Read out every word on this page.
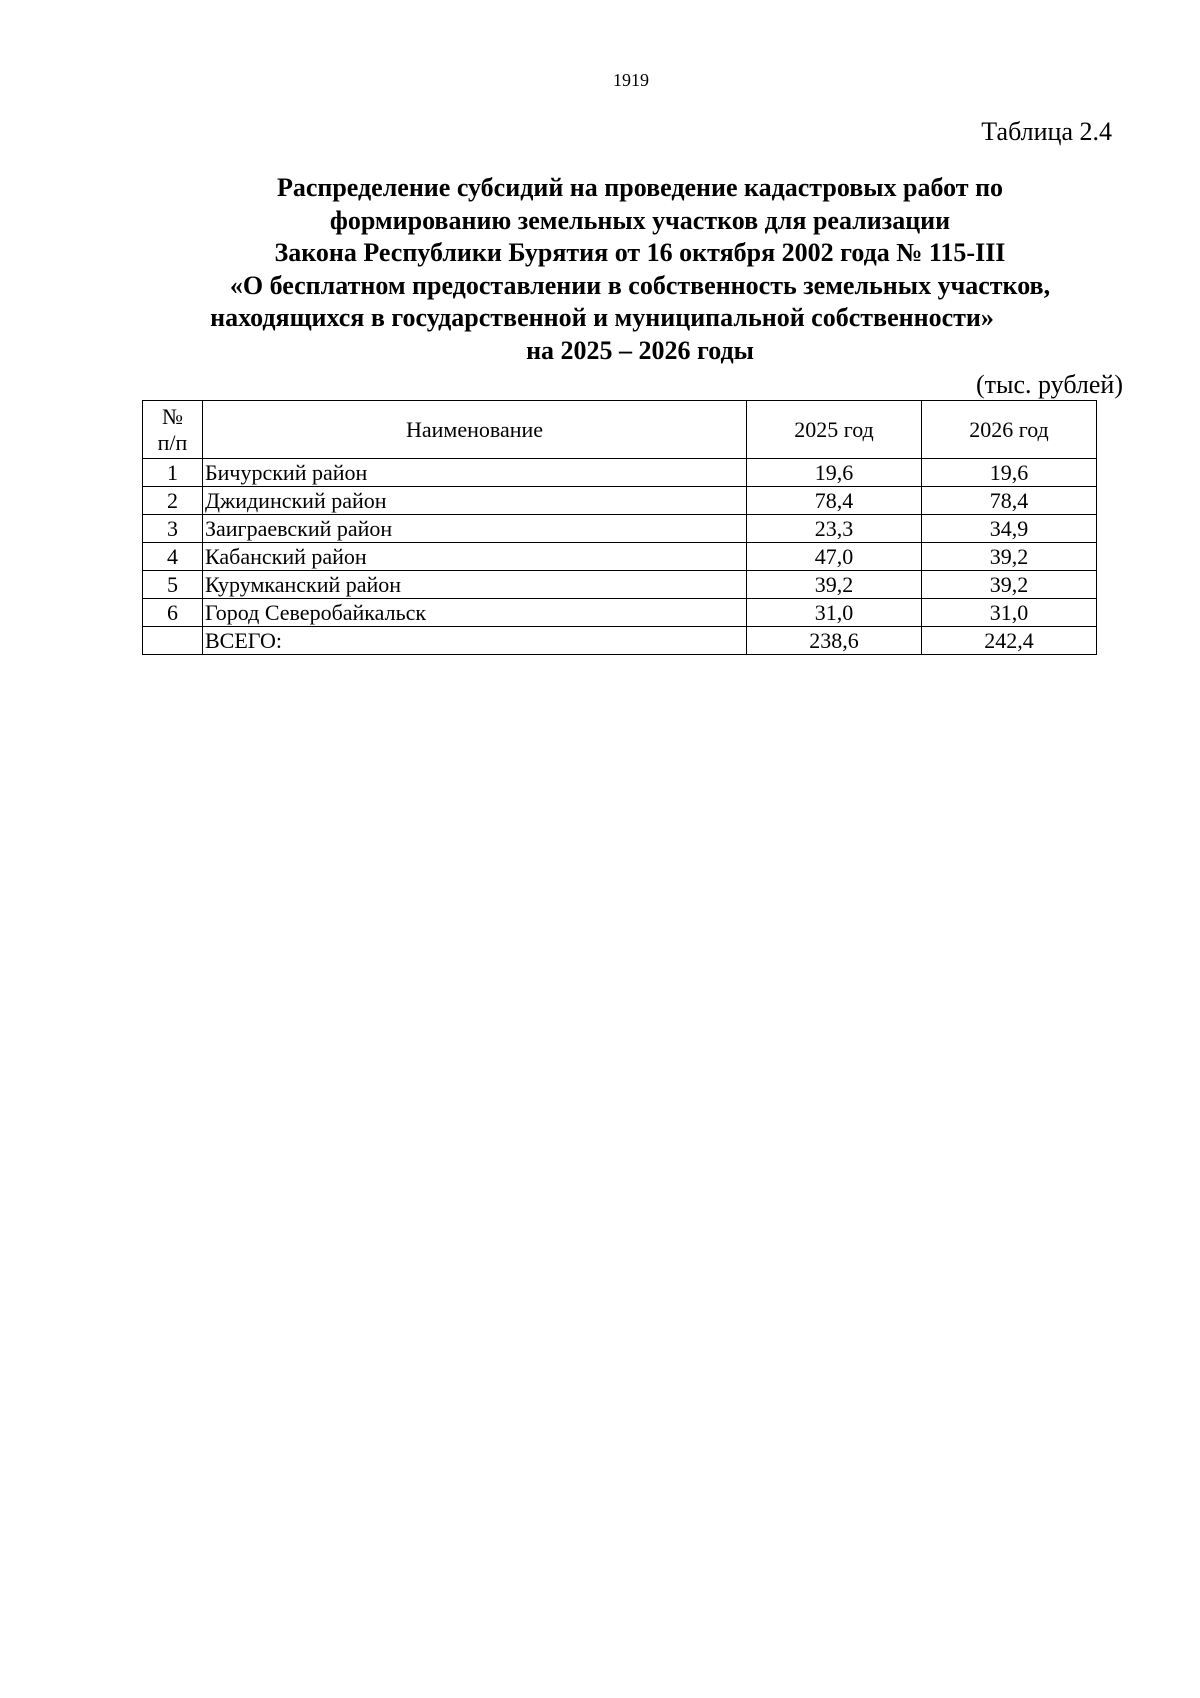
1919
Таблица 2.4
Распределение субсидий на проведение кадастровых работ по
формированию земельных участков для реализации
Закона Республики Бурятия от 16 октября 2002 года № 115-III
«О бесплатном предоставлении в собственность земельных участков,
находящихся в государственной и муниципальной собственности»
на 2025 – 2026 годы
(тыс. рублей)
№
п/п	Наименование	2025 год	2026 год
1	Бичурский район	19,6	19,6
2	Джидинский район	78,4	78,4
3	Заиграевский район	23,3	34,9
4	Кабанский район	47,0	39,2
5	Курумканский район	39,2	39,2
6	Город Северобайкальск	31,0	31,0
	ВСЕГО:	238,6	242,4
